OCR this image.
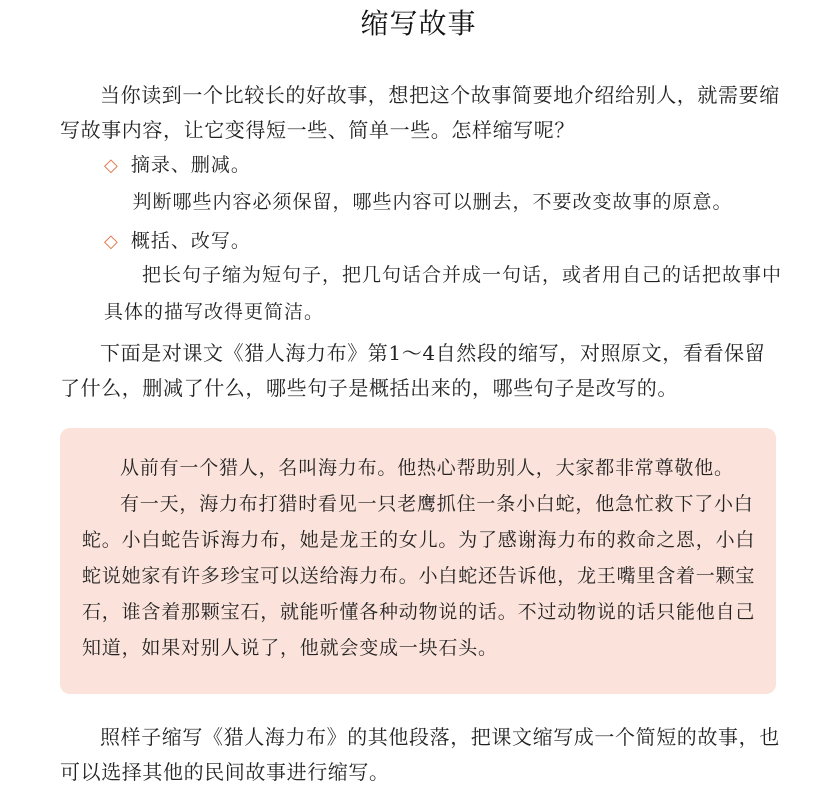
缩写故事

当你读到一个比较长的好故事，想把这个故事简要地介绍给别人，就需要缩写故事内容，让它变得短一些、简单一些。怎样缩写呢？

◇ 摘录、删减。

判断哪些内容必须保留，哪些内容可以删去，不要改变故事的原意。

◇ 概括、改写。

把长句子缩为短句子，把几句话合并成一句话，或者用自己的话把故事中具体的描写改得更简洁。

下面是对课文《猎人海力布》第1～4自然段的缩写，对照原文，看看保留了什么，删减了什么，哪些句子是概括出来的，哪些句子是改写的。

从前有一个猎人，名叫海力布。他热心帮助别人，大家都非常尊敬他。

有一天，海力布打猎时看见一只老鹰抓住一条小白蛇，他急忙救下了小白蛇。小白蛇告诉海力布，她是龙王的女儿。为了感谢海力布的救命之恩，小白蛇说她家有许多珍宝可以送给海力布。小白蛇还告诉他，龙王嘴里含着一颗宝石，谁含着那颗宝石，就能听懂各种动物说的话。不过动物说的话只能他自己知道，如果对别人说了，他就会变成一块石头。

照样子缩写《猎人海力布》的其他段落，把课文缩写成一个简短的故事，也可以选择其他的民间故事进行缩写。
